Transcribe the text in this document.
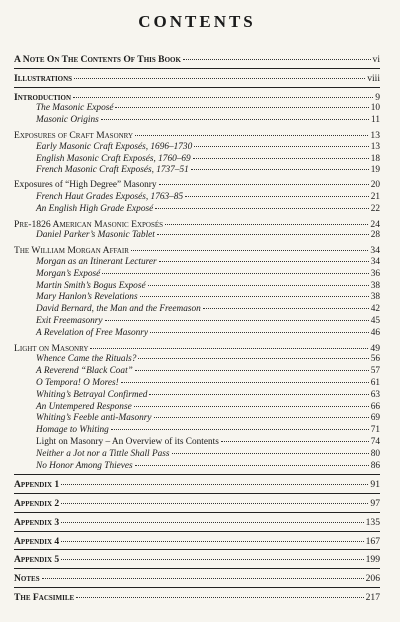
CONTENTS
A Note On The Contents Of This Book	vi
Illustrations	viii
Introduction	9
The Masonic Exposé	10
Masonic Origins	11
Exposures of Craft Masonry	13
Early Masonic Craft Exposés, 1696–1730	13
English Masonic Craft Exposés, 1760–69	18
French Masonic Craft Exposés, 1737–51	19
Exposures of “High Degree” Masonry	20
French Haut Grades Exposés, 1763–85	21
An English High Grade Exposé	22
Pre-1826 American Masonic Exposés	24
Daniel Parker’s Masonic Tablet	28
The William Morgan Affair	34
Morgan as an Itinerant Lecturer	34
Morgan’s Exposé	36
Martin Smith’s Bogus Exposé	38
Mary Hanlon’s Revelations	38
David Bernard, the Man and the Freemason	42
Exit Freemasonry	45
A Revelation of Free Masonry	46
Light on Masonry	49
Whence Came the Rituals?	56
A Reverend “Black Coat”	57
O Tempora! O Mores!	61
Whiting’s Betrayal Confirmed	63
An Untempered Response	66
Whiting’s Feeble anti-Masonry	69
Homage to Whiting	71
Light on Masonry – An Overview of its Contents	74
Neither a Jot nor a Tittle Shall Pass	80
No Honor Among Thieves	86
Appendix 1	91
Appendix 2	97
Appendix 3	135
Appendix 4	167
Appendix 5	199
Notes	206
The Facsimile	217
